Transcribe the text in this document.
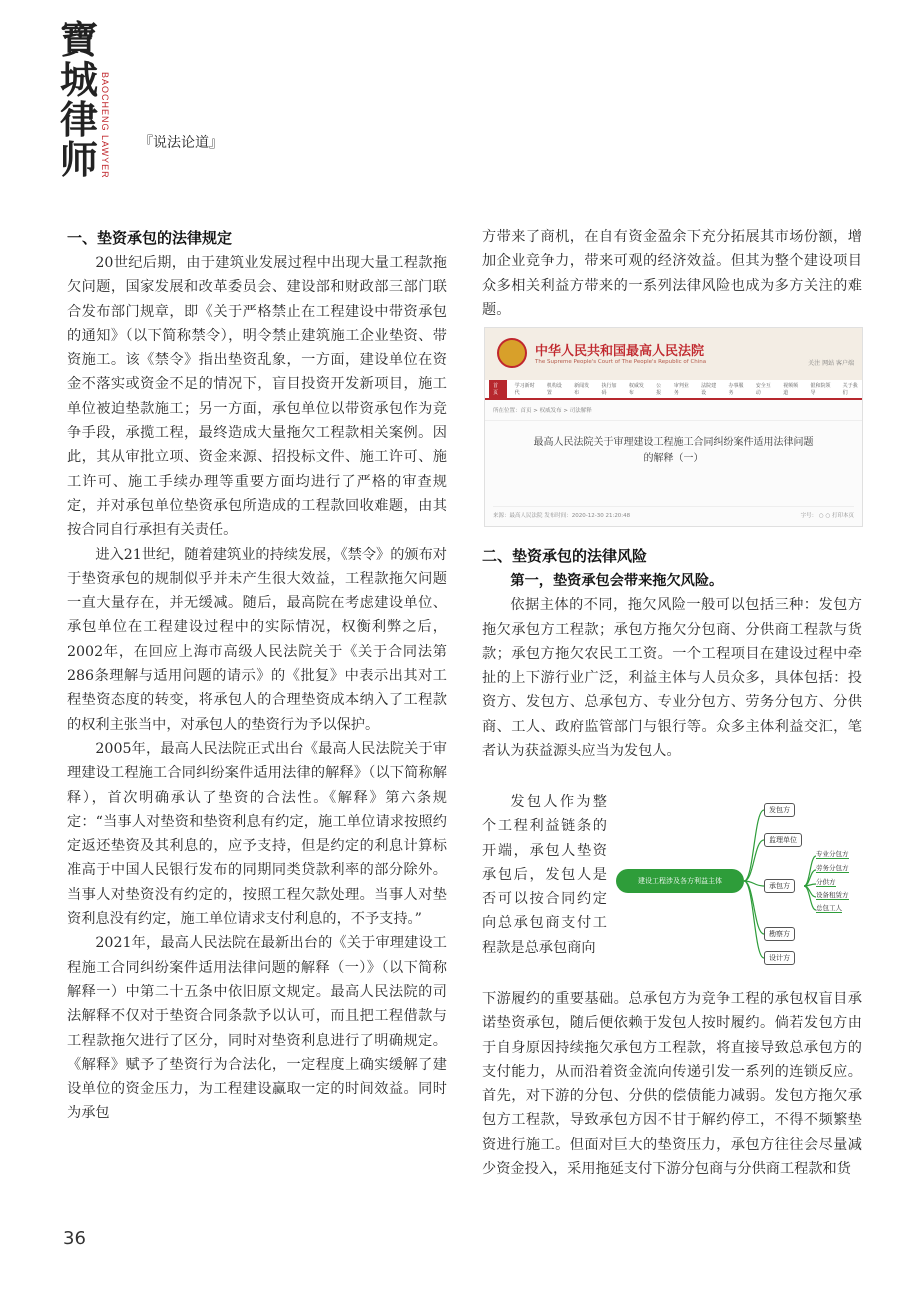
寶
城
律
师 BAOCHENG LAWYER 『说法论道』

一、垫资承包的法律规定

20世纪后期，由于建筑业发展过程中出现大量工程款拖欠问题，国家发展和改革委员会、建设部和财政部三部门联合发布部门规章，即《关于严格禁止在工程建设中带资承包的通知》（以下简称禁令），明令禁止建筑施工企业垫资、带资施工。该《禁令》指出垫资乱象，一方面，建设单位在资金不落实或资金不足的情况下，盲目投资开发新项目，施工单位被迫垫款施工；另一方面，承包单位以带资承包作为竞争手段，承揽工程，最终造成大量拖欠工程款相关案例。因此，其从审批立项、资金来源、招投标文件、施工许可、施工许可、施工手续办理等重要方面均进行了严格的审查规定，并对承包单位垫资承包所造成的工程款回收难题，由其按合同自行承担有关责任。

进入21世纪，随着建筑业的持续发展，《禁令》的颁布对于垫资承包的规制似乎并未产生很大效益，工程款拖欠问题一直大量存在，并无缓减。随后，最高院在考虑建设单位、承包单位在工程建设过程中的实际情况，权衡利弊之后，2002年，在回应上海市高级人民法院关于《关于合同法第286条理解与适用问题的请示》的《批复》中表示出其对工程垫资态度的转变，将承包人的合理垫资成本纳入了工程款的权利主张当中，对承包人的垫资行为予以保护。

2005年，最高人民法院正式出台《最高人民法院关于审理建设工程施工合同纠纷案件适用法律的解释》（以下简称解释），首次明确承认了垫资的合法性。《解释》第六条规定：“当事人对垫资和垫资利息有约定，施工单位请求按照约定返还垫资及其利息的，应予支持，但是约定的利息计算标准高于中国人民银行发布的同期同类贷款利率的部分除外。当事人对垫资没有约定的，按照工程欠款处理。当事人对垫资利息没有约定，施工单位请求支付利息的，不予支持。”

2021年，最高人民法院在最新出台的《关于审理建设工程施工合同纠纷案件适用法律问题的解释（一）》（以下简称解释一）中第二十五条中依旧原文规定。最高人民法院的司法解释不仅对于垫资合同条款予以认可，而且把工程借款与工程款拖欠进行了区分，同时对垫资利息进行了明确规定。《解释》赋予了垫资行为合法化，一定程度上确实缓解了建设单位的资金压力，为工程建设赢取一定的时间效益。同时为承包

方带来了商机，在自有资金盈余下充分拓展其市场份额，增加企业竞争力，带来可观的经济效益。但其为整个建设项目众多相关利益方带来的一系列法律风险也成为多方关注的难题。

中华人民共和国最高人民法院
The Supreme People's Court of The People's Republic of China	关注 网站 客户端
首页
学习新时代
机构设置
新闻发布
执行加码
权威发布
公报
审判业务
法院建设
办事服务
安全互动
视频频道
银和院领导
关于我们
所在位置：首页 > 权威发布 > 司法解释
最高人民法院关于审理建设工程施工合同纠纷案件适用法律问题
的解释（一）
来源：最高人民法院 发布时间：2020-12-30 21:20:48	字号： ○ ○ 打印本页

二、垫资承包的法律风险

第一，垫资承包会带来拖欠风险。

依据主体的不同，拖欠风险一般可以包括三种：发包方拖欠承包方工程款；承包方拖欠分包商、分供商工程款与货款；承包方拖欠农民工工资。一个工程项目在建设过程中牵扯的上下游行业广泛，利益主体与人员众多，具体包括：投资方、发包方、总承包方、专业分包方、劳务分包方、分供商、工人、政府监管部门与银行等。众多主体利益交汇，笔者认为获益源头应当为发包人。

发包人作为整个工程利益链条的开端，承包人垫资承包后，发包人是否可以按合同约定向总承包商支付工程款是总承包商向

建设工程涉及各方利益主体
发包方
监理单位
承包方
勘察方
设计方
专业分包方
劳务分包方
分供方
设备租赁方
总包工人

下游履约的重要基础。总承包方为竞争工程的承包权盲目承诺垫资承包，随后便依赖于发包人按时履约。倘若发包方由于自身原因持续拖欠承包方工程款，将直接导致总承包方的支付能力，从而沿着资金流向传递引发一系列的连锁反应。首先，对下游的分包、分供的偿债能力减弱。发包方拖欠承包方工程款，导致承包方因不甘于解约停工，不得不频繁垫资进行施工。但面对巨大的垫资压力，承包方往往会尽量减少资金投入，采用拖延支付下游分包商与分供商工程款和货

36
